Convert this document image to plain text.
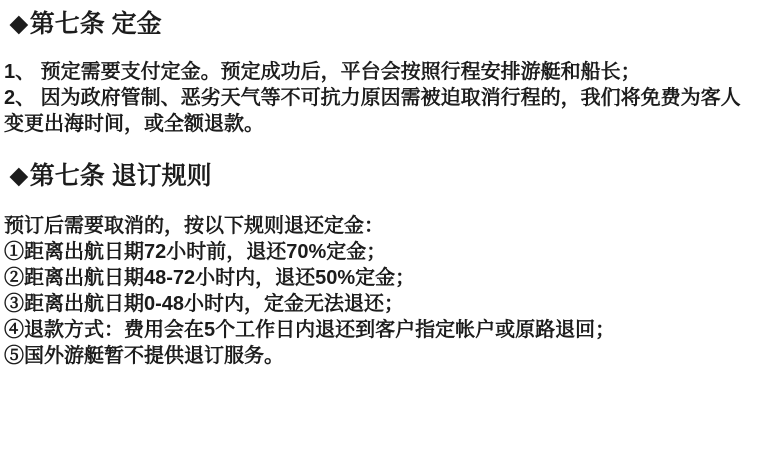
◆ 第七条 定金
1、 预定需要支付定金。预定成功后，平台会按照行程安排游艇和船长；
2、 因为政府管制、恶劣天气等不可抗力原因需被迫取消行程的，我们将免费为客人
变更出海时间，或全额退款。
◆ 第七条 退订规则
预订后需要取消的，按以下规则退还定金：
①距离出航日期72小时前，退还70%定金；
②距离出航日期48-72小时内，退还50%定金；
③距离出航日期0-48小时内，定金无法退还；
④退款方式：费用会在5个工作日内退还到客户指定帐户或原路退回；
⑤国外游艇暂不提供退订服务。
